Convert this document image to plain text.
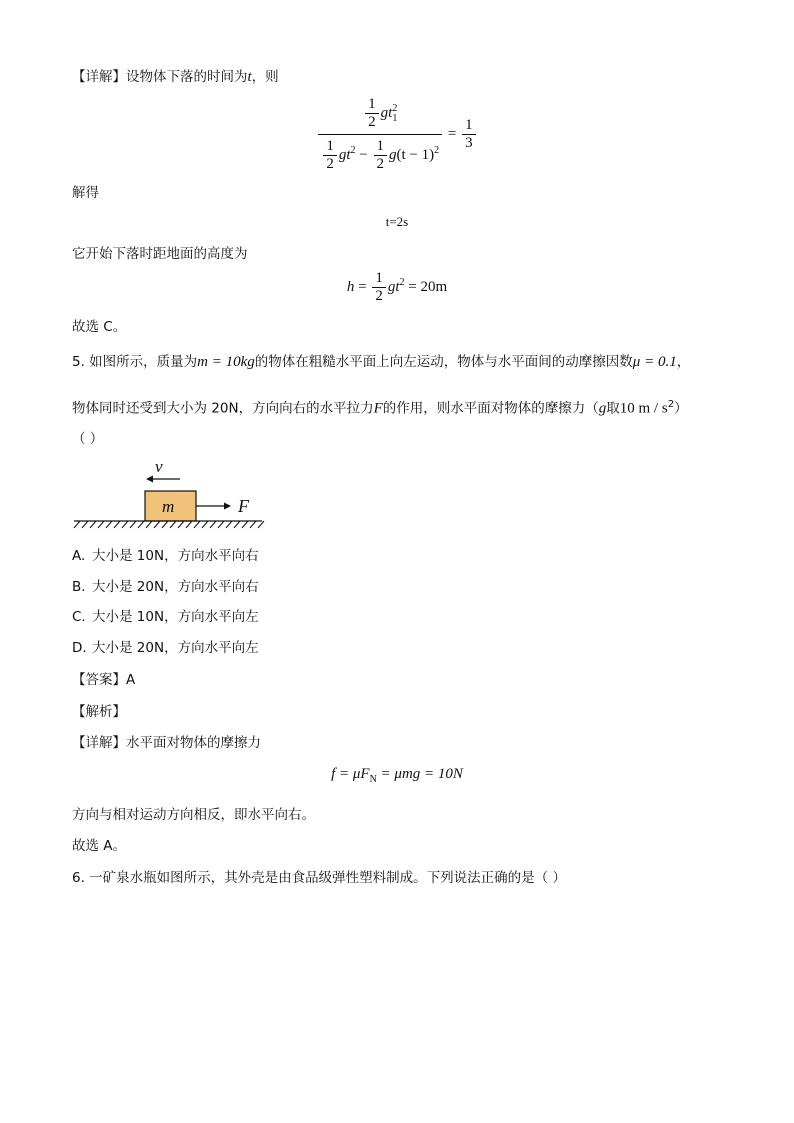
【详解】设物体下落的时间为t，则
$\frac{\frac{1}{2} gt_1^2}{\frac{1}{2} gt^2 - \frac{1}{2} g(t - 1)^2} = \frac{1}{3}$
解得
t=2s
它开始下落时距地面的高度为
$h = \frac{1}{2} gt^2 = 20m$
故选 C。
5. 如图所示，质量为m = 10kg的物体在粗糙水平面上向左运动，物体与水平面间的动摩擦因数μ = 0.1，
物体同时还受到大小为 20N，方向向右的水平拉力F的作用，则水平面对物体的摩擦力（g取10 m / $s^2$）
（ ）
v
m	F
A. 大小是 10N，方向水平向右
B. 大小是 20N，方向水平向右
C. 大小是 10N，方向水平向左
D. 大小是 20N，方向水平向左
【答案】A
【解析】
【详解】水平面对物体的摩擦力
$f = \mu F_N = \mu mg = 10N$
方向与相对运动方向相反，即水平向右。
故选 A。
6. 一矿泉水瓶如图所示，其外壳是由食品级弹性塑料制成。下列说法正确的是（ ）
